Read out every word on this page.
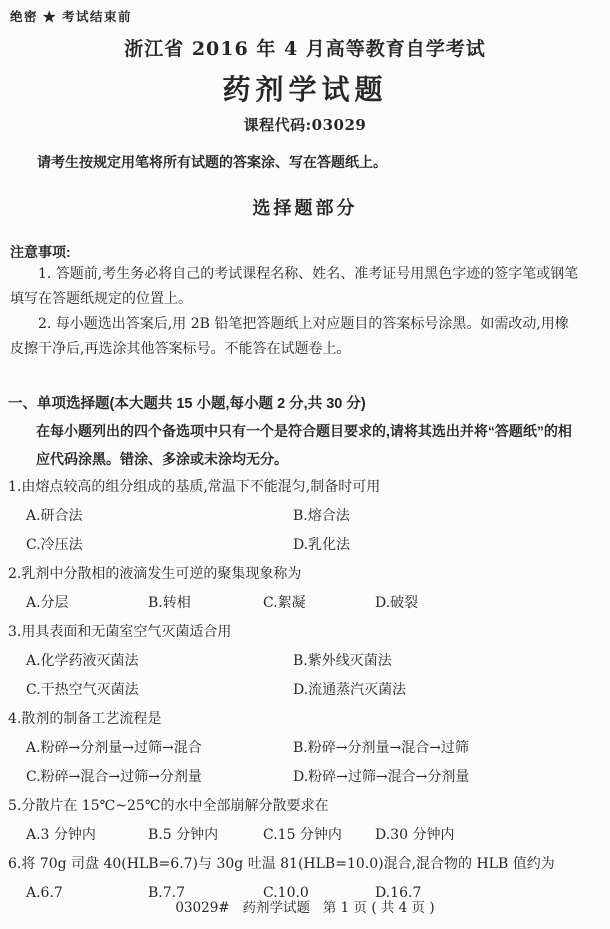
绝密 ★ 考试结束前
浙江省 2016 年 4 月高等教育自学考试
药剂学试题
课程代码:03029
请考生按规定用笔将所有试题的答案涂、写在答题纸上。
选择题部分
注意事项:
1. 答题前,考生务必将自己的考试课程名称、姓名、准考证号用黑色字迹的签字笔或钢笔
填写在答题纸规定的位置上。
2. 每小题选出答案后,用 2B 铅笔把答题纸上对应题目的答案标号涂黑。如需改动,用橡
皮擦干净后,再选涂其他答案标号。不能答在试题卷上。
一、单项选择题(本大题共 15 小题,每小题 2 分,共 30 分)
在每小题列出的四个备选项中只有一个是符合题目要求的,请将其选出并将“答题纸”的相
应代码涂黑。错涂、多涂或未涂均无分。
1.由熔点较高的组分组成的基质,常温下不能混匀,制备时可用
A.研合法	B.熔合法
C.冷压法	D.乳化法
2.乳剂中分散相的液滴发生可逆的聚集现象称为
A.分层	B.转相	C.絮凝	D.破裂
3.用具表面和无菌室空气灭菌适合用
A.化学药液灭菌法	B.紫外线灭菌法
C.干热空气灭菌法	D.流通蒸汽灭菌法
4.散剂的制备工艺流程是
A.粉碎→分剂量→过筛→混合	B.粉碎→分剂量→混合→过筛
C.粉碎→混合→过筛→分剂量	D.粉碎→过筛→混合→分剂量
5.分散片在 15℃~25℃的水中全部崩解分散要求在
A.3 分钟内	B.5 分钟内	C.15 分钟内	D.30 分钟内
6.将 70g 司盘 40(HLB=6.7)与 30g 吐温 81(HLB=10.0)混合,混合物的 HLB 值约为
A.6.7	B.7.7	C.10.0	D.16.7
03029#   药剂学试题   第 1 页 ( 共 4 页 )
